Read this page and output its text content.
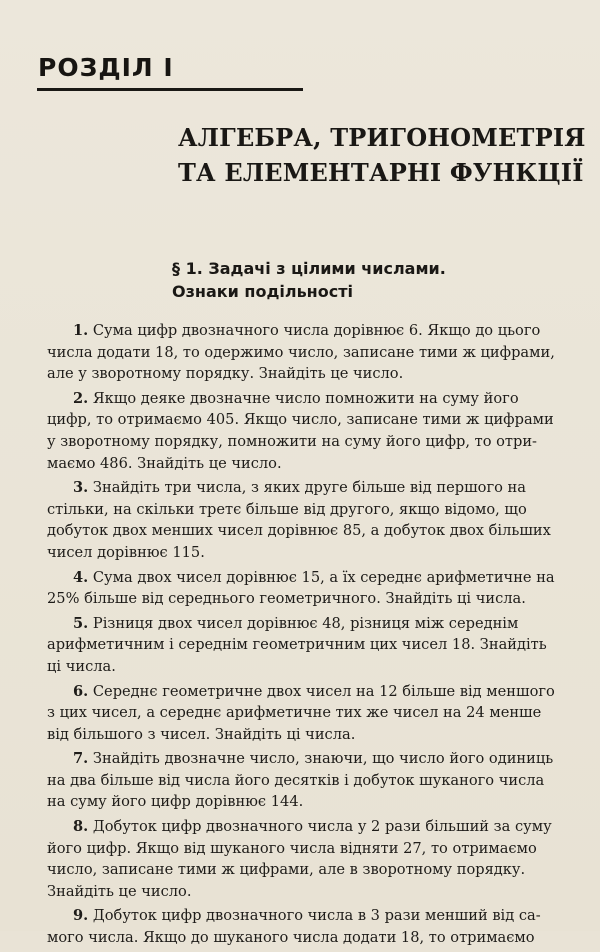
РОЗДІЛ І
АЛГЕБРА, ТРИГОНОМЕТРІЯ
ТА ЕЛЕМЕНТАРНІ ФУНКЦІЇ
§ 1. Задачі з цілими числами.
Ознаки подільності
1. Сума цифр двозначного числа дорівнює 6. Якщо до цього
числа додати 18, то одержимо число, записане тими ж цифрами,
але у зворотному порядку. Знайдіть це число.
2. Якщо деяке двозначне число помножити на суму його
цифр, то отримаємо 405. Якщо число, записане тими ж цифрами
у зворотному порядку, помножити на суму його цифр, то отри-
маємо 486. Знайдіть це число.
3. Знайдіть три числа, з яких друге більше від першого на
стільки, на скільки третє більше від другого, якщо відомо, що
добуток двох менших чисел дорівнює 85, а добуток двох більших
чисел дорівнює 115.
4. Сума двох чисел дорівнює 15, а їх середнє арифметичне на
25% більше від середнього геометричного. Знайдіть ці числа.
5. Різниця двох чисел дорівнює 48, різниця між середнім
арифметичним і середнім геометричним цих чисел 18. Знайдіть
ці числа.
6. Середнє геометричне двох чисел на 12 більше від меншого
з цих чисел, а середнє арифметичне тих же чисел на 24 менше
від більшого з чисел. Знайдіть ці числа.
7. Знайдіть двозначне число, знаючи, що число його одиниць
на два більше від числа його десятків і добуток шуканого числа
на суму його цифр дорівнює 144.
8. Добуток цифр двозначного числа у 2 рази більший за суму
його цифр. Якщо від шуканого числа відняти 27, то отримаємо
число, записане тими ж цифрами, але в зворотному порядку.
Знайдіть це число.
9. Добуток цифр двозначного числа в 3 рази менший від са-
мого числа. Якщо до шуканого числа додати 18, то отримаємо
